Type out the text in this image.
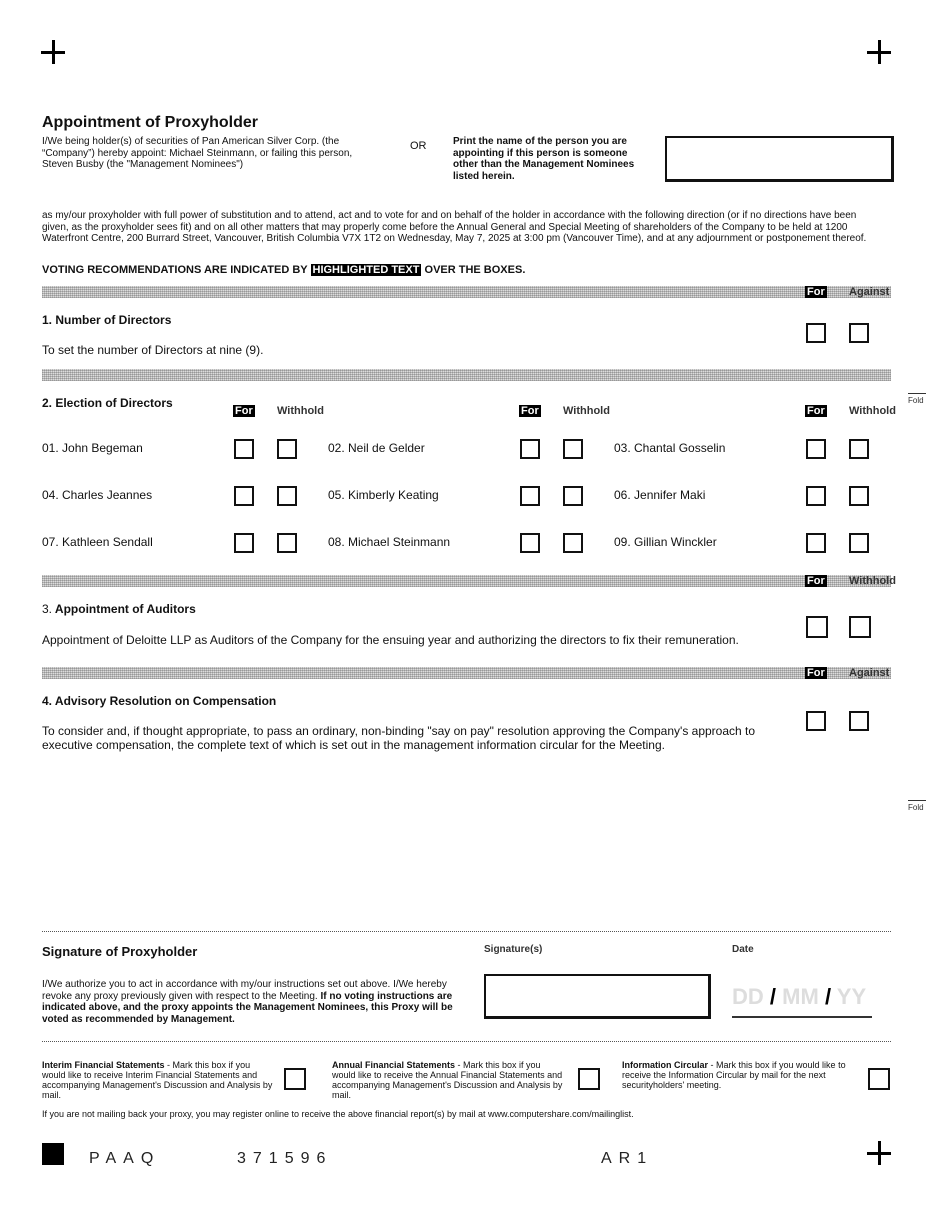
Appointment of Proxyholder
I/We being holder(s) of securities of Pan American Silver Corp. (the “Company”) hereby appoint: Michael Steinmann, or failing this person, Steven Busby (the "Management Nominees")
OR	Print the name of the person you are appointing if this person is someone other than the Management Nominees listed herein.
as my/our proxyholder with full power of substitution and to attend, act and to vote for and on behalf of the holder in accordance with the following direction (or if no directions have been given, as the proxyholder sees fit) and on all other matters that may properly come before the Annual General and Special Meeting of shareholders of the Company to be held at 1200 Waterfront Centre, 200 Burrard Street, Vancouver, British Columbia V7X 1T2 on Wednesday, May 7, 2025 at 3:00 pm (Vancouver Time), and at any adjournment or postponement thereof.
VOTING RECOMMENDATIONS ARE INDICATED BY HIGHLIGHTED TEXT OVER THE BOXES.
For Against
1. Number of Directors
To set the number of Directors at nine (9).
2. Election of Directors
For Withhold	For Withhold	For Withhold
Fold
01. John Begeman	02. Neil de Gelder	03. Chantal Gosselin
04. Charles Jeannes	05. Kimberly Keating	06. Jennifer Maki
07. Kathleen Sendall	08. Michael Steinmann	09. Gillian Winckler
For Withhold
3. Appointment of Auditors
Appointment of Deloitte LLP as Auditors of the Company for the ensuing year and authorizing the directors to fix their remuneration.
For Against
4. Advisory Resolution on Compensation
To consider and, if thought appropriate, to pass an ordinary, non-binding "say on pay" resolution approving the Company's approach to executive compensation, the complete text of which is set out in the management information circular for the Meeting.
Fold
Signature of Proxyholder	Signature(s)	Date
I/We authorize you to act in accordance with my/our instructions set out above. I/We hereby revoke any proxy previously given with respect to the Meeting. If no voting instructions are indicated above, and the proxy appoints the Management Nominees, this Proxy will be voted as recommended by Management.
DD / MM / YY
Interim Financial Statements - Mark this box if you would like to receive Interim Financial Statements and accompanying Management's Discussion and Analysis by mail.
Annual Financial Statements - Mark this box if you would like to receive the Annual Financial Statements and accompanying Management's Discussion and Analysis by mail.
Information Circular - Mark this box if you would like to receive the Information Circular by mail for the next securityholders' meeting.
If you are not mailing back your proxy, you may register online to receive the above financial report(s) by mail at www.computershare.com/mailinglist.
PAAQ	371596	AR1
